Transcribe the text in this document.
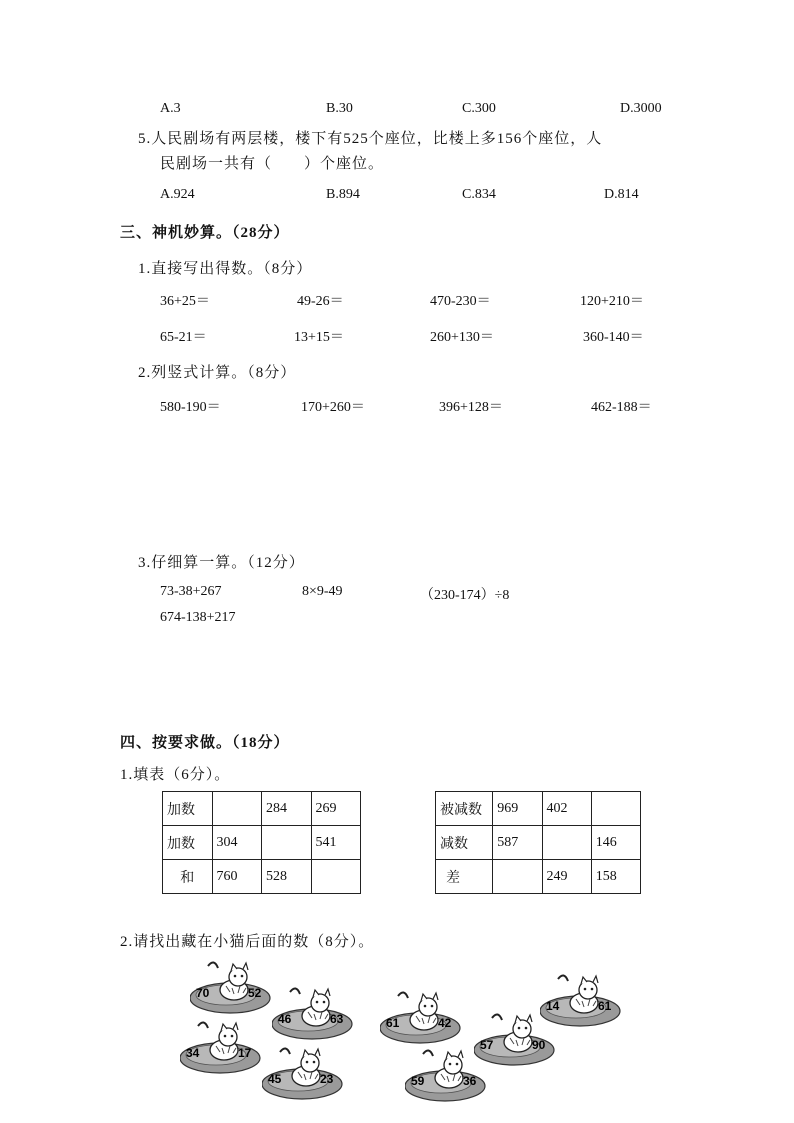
A.3	B.30	C.300	D.3000
5.人民剧场有两层楼，楼下有525个座位，比楼上多156个座位，人
民剧场一共有（　　）个座位。
A.924	B.894	C.834	D.814
三、神机妙算。（28分）
1.直接写出得数。（8分）
36+25＝	49-26＝	470-230＝	120+210＝
65-21＝	13+15＝	260+130＝	360-140＝
2.列竖式计算。（8分）
580-190＝	170+260＝	396+128＝	462-188＝
3.仔细算一算。（12分）
73-38+267	8×9-49	（230-174）÷8
674-138+217
四、按要求做。（18分）
1.填表（6分）。
加数		284	269
加数	304		541
和	760	528	
被减数	969	402	
减数	587		146
差		249	158
2.请找出藏在小猫后面的数（8分）。
70	52
46	63
34	17
45	23
61	42
57	90
14	61
59	36
